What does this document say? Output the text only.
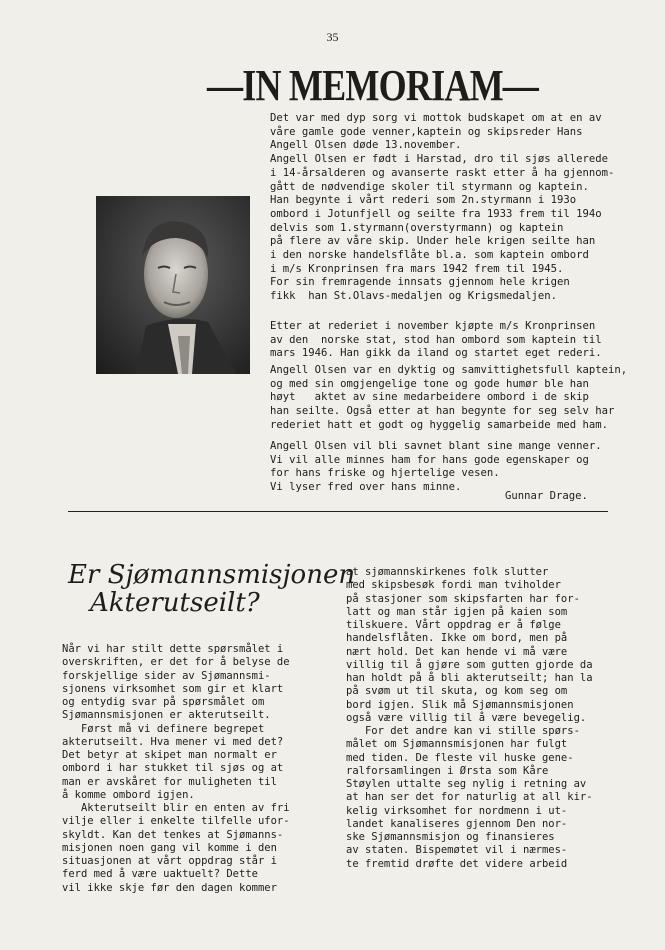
35
—IN MEMORIAM—
Det var med dyp sorg vi mottok budskapet om at en av
våre gamle gode venner,kaptein og skipsreder Hans
Angell Olsen døde 13.november.
Angell Olsen er født i Harstad, dro til sjøs allerede
i 14-årsalderen og avanserte raskt etter å ha gjennom-
gått de nødvendige skoler til styrmann og kaptein.
Han begynte i vårt rederi som 2n.styrmann i 193o
ombord i Jotunfjell og seilte fra 1933 frem til 194o
delvis som 1.styrmann(overstyrmann) og kaptein
på flere av våre skip. Under hele krigen seilte han
i den norske handelsflåte bl.a. som kaptein ombord
i m/s Kronprinsen fra mars 1942 frem til 1945.
For sin fremragende innsats gjennom hele krigen
fikk  han St.Olavs-medaljen og Krigsmedaljen.
Etter at rederiet i november kjøpte m/s Kronprinsen
av den  norske stat, stod han ombord som kaptein til
mars 1946. Han gikk da iland og startet eget rederi.
Angell Olsen var en dyktig og samvittighetsfull kaptein,
og med sin omgjengelige tone og gode humør ble han
høyt   aktet av sine medarbeidere ombord i de skip
han seilte. Også etter at han begynte for seg selv har
rederiet hatt et godt og hyggelig samarbeide med ham.
Angell Olsen vil bli savnet blant sine mange venner.
Vi vil alle minnes ham for hans gode egenskaper og
for hans friske og hjertelige vesen.
Vi lyser fred over hans minne.
Gunnar Drage.
Er Sjømannsmisjonen
Akterutseilt?
Når vi har stilt dette spørsmålet i
overskriften, er det for å belyse de
forskjellige sider av Sjømannsmi-
sjonens virksomhet som gir et klart
og entydig svar på spørsmålet om
Sjømannsmisjonen er akterutseilt.
Først må vi definere begrepet
akterutseilt. Hva mener vi med det?
Det betyr at skipet man normalt er
ombord i har stukket til sjøs og at
man er avskåret for muligheten til
å komme ombord igjen.
Akterutseilt blir en enten av fri
vilje eller i enkelte tilfelle ufor-
skyldt. Kan det tenkes at Sjømanns-
misjonen noen gang vil komme i den
situasjonen at vårt oppdrag står i
ferd med å være uaktuelt? Dette
vil ikke skje før den dagen kommer
at sjømannskirkenes folk slutter
med skipsbesøk fordi man tviholder
på stasjoner som skipsfarten har for-
latt og man står igjen på kaien som
tilskuere. Vårt oppdrag er å følge
handelsflåten. Ikke om bord, men på
nært hold. Det kan hende vi må være
villig til å gjøre som gutten gjorde da
han holdt på å bli akterutseilt; han la
på svøm ut til skuta, og kom seg om
bord igjen. Slik må Sjømannsmisjonen
også være villig til å være bevegelig.
For det andre kan vi stille spørs-
målet om Sjømannsmisjonen har fulgt
med tiden. De fleste vil huske gene-
ralforsamlingen i Ørsta som Kåre
Støylen uttalte seg nylig i retning av
at han ser det for naturlig at all kir-
kelig virksomhet for nordmenn i ut-
landet kanaliseres gjennom Den nor-
ske Sjømannsmisjon og finansieres
av staten. Bispemøtet vil i nærmes-
te fremtid drøfte det videre arbeid
